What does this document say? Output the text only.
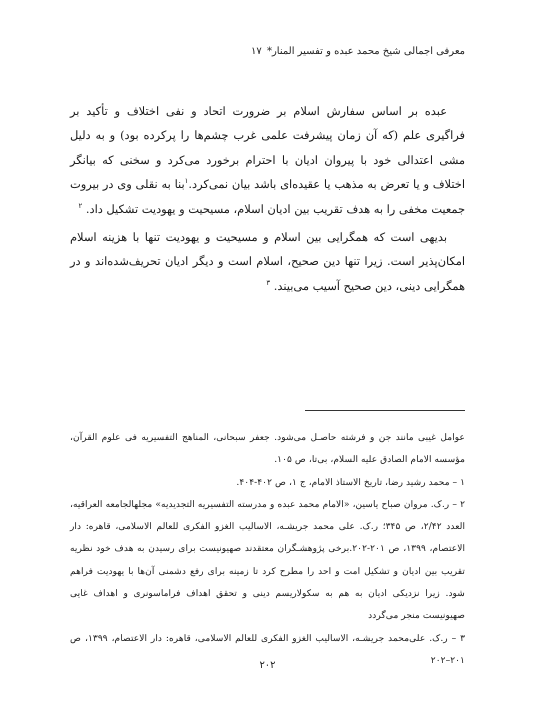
معرفی اجمالی شیخ محمد عبده و تفسیر المنار* ۱۷

عبده بر اساس سفارش اسلام بر ضرورت اتحاد و نفی اختلاف و تأکید بر فراگیری علم (که آن زمان پیشرفت علمی غرب چشم‌ها را پرکرده بود) و به دلیل مشی اعتدالی خود با پیروان ادیان با احترام برخورد می‌کرد و سخنی که بیانگر اختلاف و یا تعرض به مذهب یا عقیده‌ای باشد بیان نمی‌کرد.$^۱$بنا به نقلی وی در بیروت جمعیت مخفی را به هدف تقریب بین ادیان اسلام، مسیحیت و یهودیت تشکیل داد. $^۲$

بدیهی است که همگرایی بین اسلام و مسیحیت و یهودیت تنها با هزینه اسلام امکان‌پذیر است. زیرا تنها دین صحیح، اسلام است و دیگر ادیان تحریف‌شده‌اند و در همگرایی دینی، دین صحیح آسیب می‌بیند. $^۳$

عوامل غیبی مانند جن و فرشته حاصـل می‌شود. جعفر سبحانی، المناهج التفسیریه فی علوم القرآن، مؤسسه الامام الصادق علیه السلام، بی‌تا، ص ۱۰۵.

۱ – محمد رشید رضا، تاریخ الاستاذ الامام، ج ۱، ص ۴۰۲-۴۰۴.

۲ – ر.ک. مروان صباح یاسین، «الامام محمد عبده و مدرسته التفسیریه التجدیدیه» مجلهالجامعه العراقیه، العدد ۲/۴۲، ص ۳۴۵؛ ر.ک. علی محمد جریشـه، الاسالیب الغزو الفکری للعالم الاسلامی، قاهره: دار الاعتصام، ۱۳۹۹، ص ۲۰۱-۲۰۲.برخی پژوهشـگران معتقدند صهیونیست برای رسیدن به هدف خود نظریه تقریب بین ادیان و تشکیل امت و احد را مطرح کرد تا زمینه برای رفع دشمنی آن‌ها با یهودیت فراهم شود. زیرا نزدیکی ادیان به هم به سکولاریسم دینی و تحقق اهداف فراماسونری و اهداف غایی صهیونیست منجر می‌گردد

۳ – ر.ک. علی‌محمد جریشـه، الاسالیب الغزو الفکری للعالم الاسلامی، قاهره: دار الاعتصام، ۱۳۹۹، ص ۲۰۱–۲۰۲

۲۰۲
